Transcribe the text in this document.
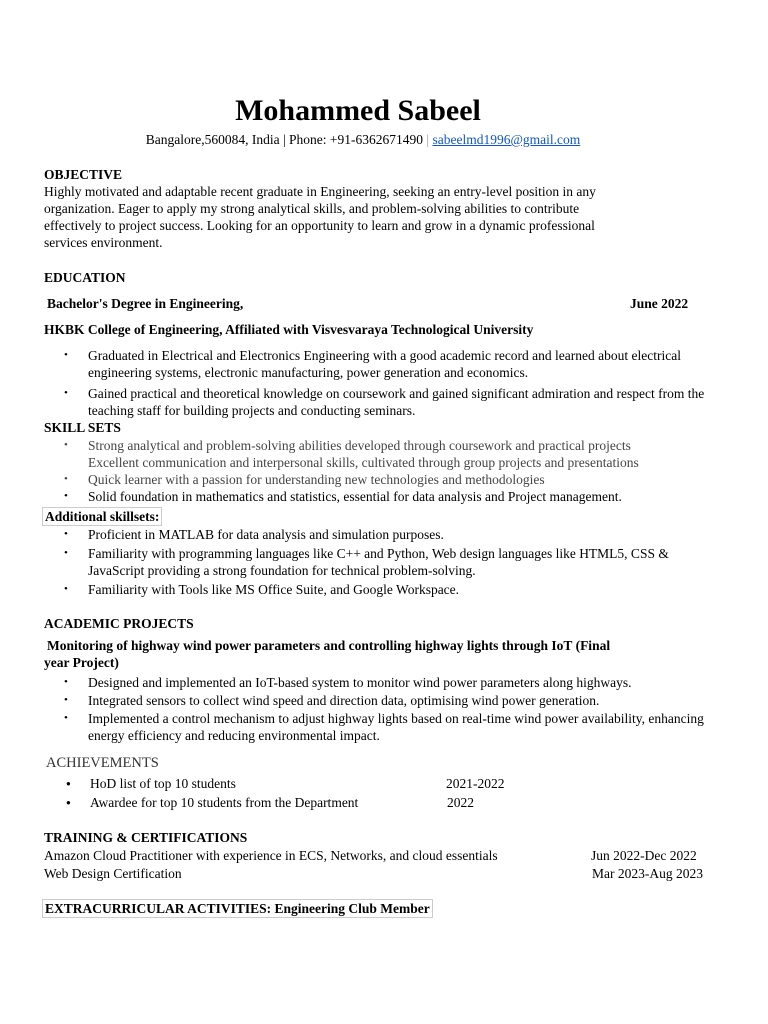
Mohammed Sabeel
Bangalore,560084, India | Phone: +91-6362671490 | sabeelmd1996@gmail.com
OBJECTIVE
Highly motivated and adaptable recent graduate in Engineering, seeking an entry-level position in any
organization. Eager to apply my strong analytical skills, and problem-solving abilities to contribute
effectively to project success. Looking for an opportunity to learn and grow in a dynamic professional
services environment.
EDUCATION
Bachelor's Degree in Engineering,	June 2022
HKBK College of Engineering, Affiliated with Visvesvaraya Technological University
• Graduated in Electrical and Electronics Engineering with a good academic record and learned about electrical engineering systems, electronic manufacturing, power generation and economics.
• Gained practical and theoretical knowledge on coursework and gained significant admiration and respect from the teaching staff for building projects and conducting seminars.
SKILL SETS
• Strong analytical and problem-solving abilities developed through coursework and practical projects Excellent communication and interpersonal skills, cultivated through group projects and presentations
• Quick learner with a passion for understanding new technologies and methodologies
• Solid foundation in mathematics and statistics, essential for data analysis and Project management.
Additional skillsets:
• Proficient in MATLAB for data analysis and simulation purposes.
• Familiarity with programming languages like C++ and Python, Web design languages like HTML5, CSS & JavaScript providing a strong foundation for technical problem-solving.
• Familiarity with Tools like MS Office Suite, and Google Workspace.
ACADEMIC PROJECTS
Monitoring of highway wind power parameters and controlling highway lights through IoT (Final
year Project)
• Designed and implemented an IoT-based system to monitor wind power parameters along highways.
• Integrated sensors to collect wind speed and direction data, optimising wind power generation.
• Implemented a control mechanism to adjust highway lights based on real-time wind power availability, enhancing energy efficiency and reducing environmental impact.
ACHIEVEMENTS
● HoD list of top 10 students	2021-2022
● Awardee for top 10 students from the Department	2022
TRAINING & CERTIFICATIONS
Amazon Cloud Practitioner with experience in ECS, Networks, and cloud essentials	Jun 2022-Dec 2022
Web Design Certification	Mar 2023-Aug 2023
EXTRACURRICULAR ACTIVITIES: Engineering Club Member
